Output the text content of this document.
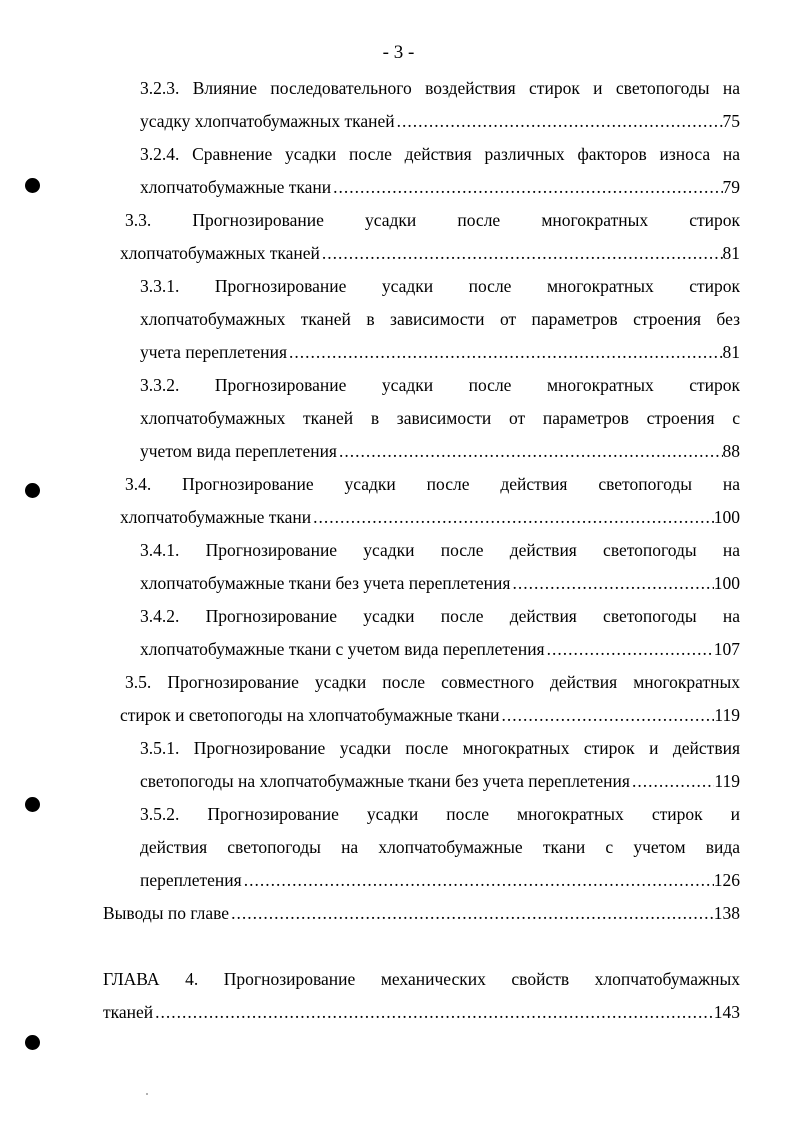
- 3 -
3.2.3. Влияние последовательного воздействия стирок и светопогоды на
усадку хлопчатобумажных тканей .....	75
3.2.4. Сравнение усадки после действия различных факторов износа на
хлопчатобумажные ткани .....	79
3.3. Прогнозирование усадки после многократных стирок
хлопчатобумажных тканей .....	81
3.3.1. Прогнозирование усадки после многократных стирок
хлопчатобумажных тканей в зависимости от параметров строения без
учета переплетения .....	81
3.3.2. Прогнозирование усадки после многократных стирок
хлопчатобумажных тканей в зависимости от параметров строения с
учетом вида переплетения .....	88
3.4. Прогнозирование усадки после действия светопогоды на
хлопчатобумажные ткани .....	100
3.4.1. Прогнозирование усадки после действия светопогоды на
хлопчатобумажные ткани без учета переплетения .....	100
3.4.2. Прогнозирование усадки после действия светопогоды на
хлопчатобумажные ткани с учетом вида переплетения .....	107
3.5. Прогнозирование усадки после совместного действия многократных
стирок и светопогоды на хлопчатобумажные ткани .....	119
3.5.1. Прогнозирование усадки после многократных стирок и действия
светопогоды на хлопчатобумажные ткани без учета переплетения .....	119
3.5.2. Прогнозирование усадки после многократных стирок и
действия светопогоды на хлопчатобумажные ткани с учетом вида
переплетения .....	126
Выводы по главе .....	138
ГЛАВА 4. Прогнозирование механических свойств хлопчатобумажных
тканей .....	143
